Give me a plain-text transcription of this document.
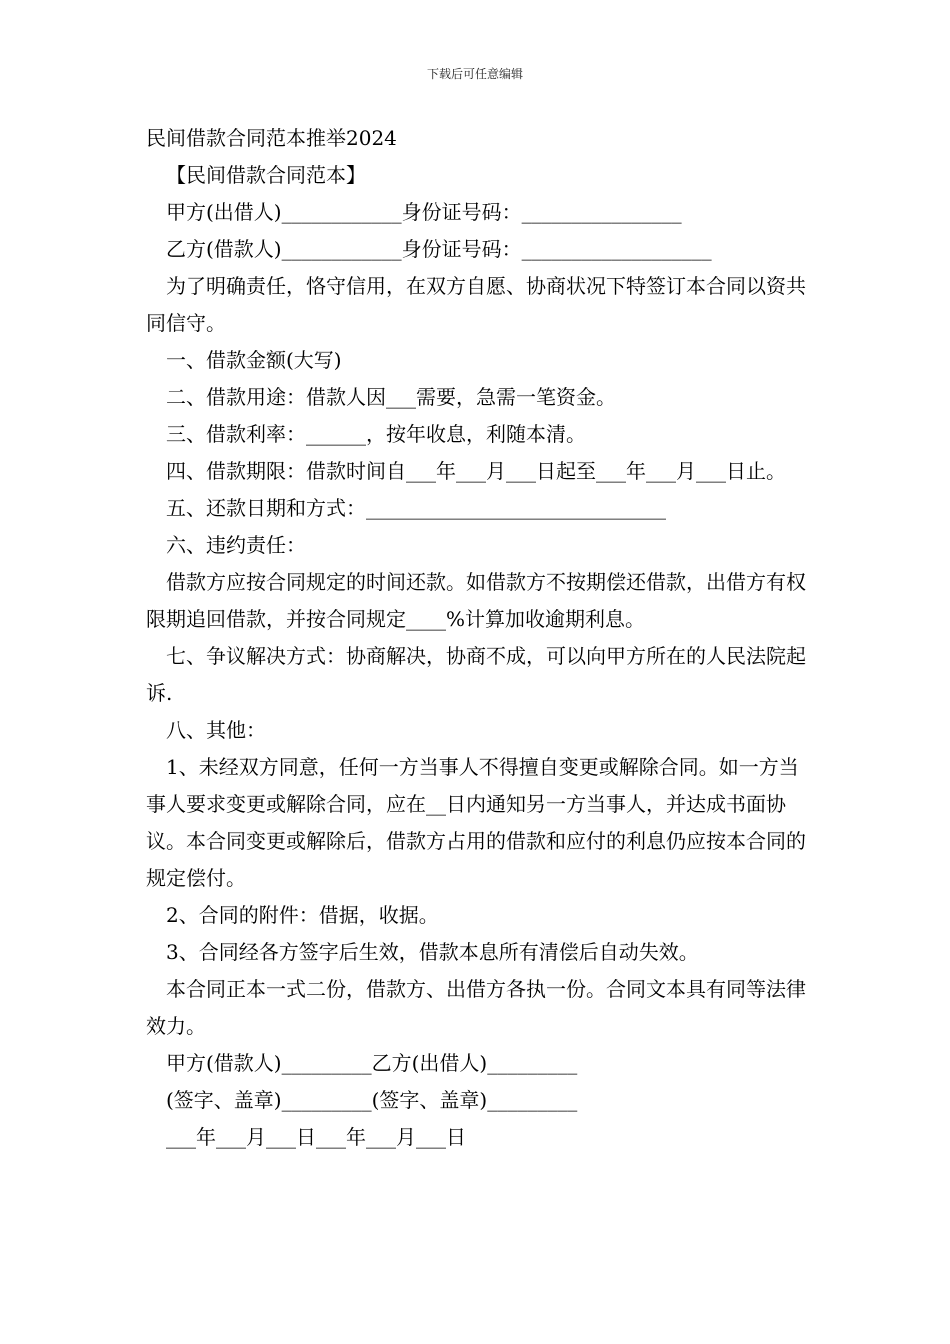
下载后可任意编辑

民间借款合同范本推举2024

【民间借款合同范本】

甲方(出借人)____________身份证号码：________________

乙方(借款人)____________身份证号码：___________________

为了明确责任，恪守信用，在双方自愿、协商状况下特签订本合同以资共同信守。

一、借款金额(大写)

二、借款用途：借款人因___需要，急需一笔资金。

三、借款利率：______，按年收息，利随本清。

四、借款期限：借款时间自___年___月___日起至___年___月___日止。

五、还款日期和方式：______________________________

六、违约责任：

借款方应按合同规定的时间还款。如借款方不按期偿还借款，出借方有权限期追回借款，并按合同规定____%计算加收逾期利息。

七、争议解决方式：协商解决，协商不成，可以向甲方所在的人民法院起诉.

八、其他：

1、未经双方同意，任何一方当事人不得擅自变更或解除合同。如一方当事人要求变更或解除合同，应在__日内通知另一方当事人，并达成书面协议。本合同变更或解除后，借款方占用的借款和应付的利息仍应按本合同的规定偿付。

2、合同的附件：借据，收据。

3、合同经各方签字后生效，借款本息所有清偿后自动失效。

本合同正本一式二份，借款方、出借方各执一份。合同文本具有同等法律效力。

甲方(借款人)_________乙方(出借人)_________

(签字、盖章)_________(签字、盖章)_________

___年___月___日___年___月___日
